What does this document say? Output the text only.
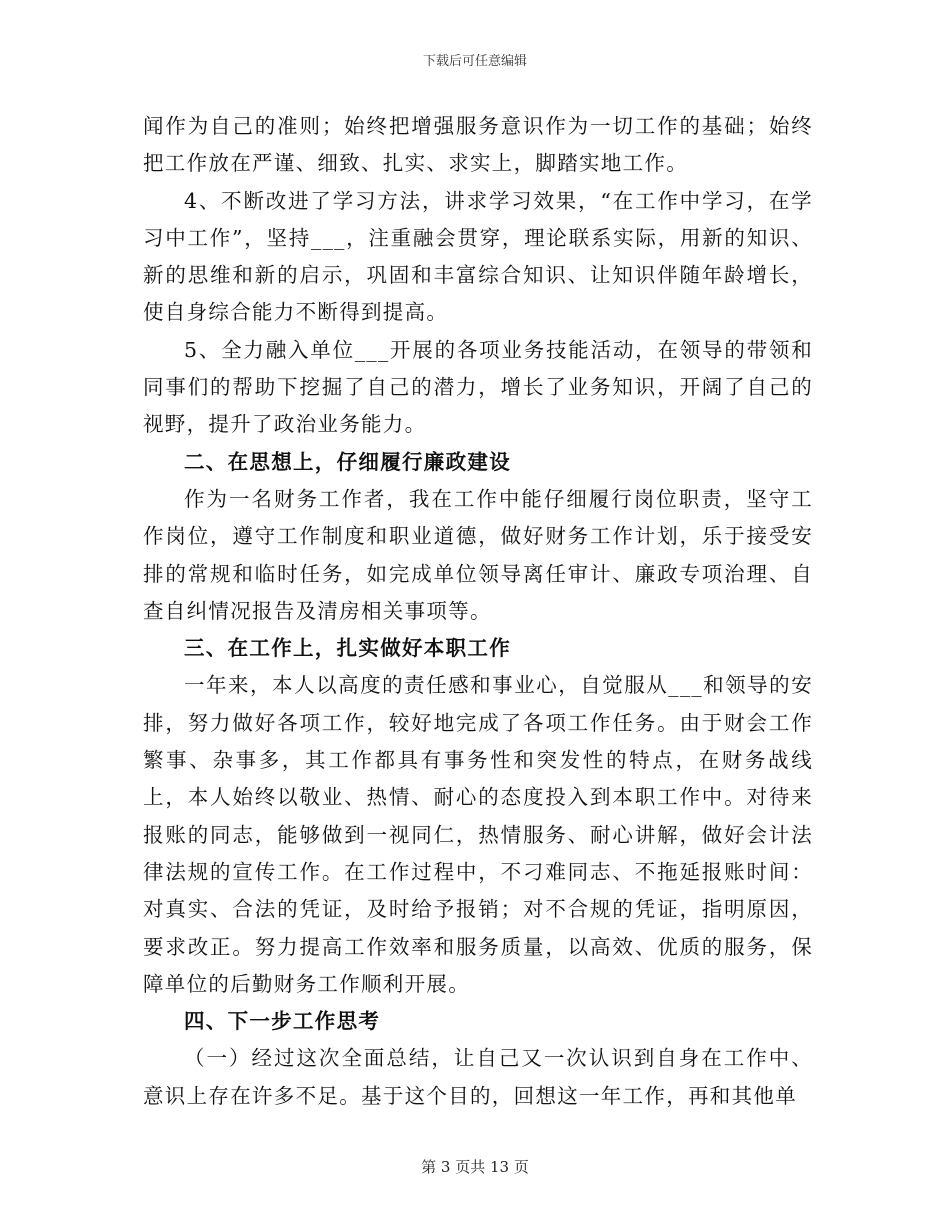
下载后可任意编辑

闻作为自己的准则；始终把增强服务意识作为一切工作的基础；始终把工作放在严谨、细致、扎实、求实上，脚踏实地工作。

4、不断改进了学习方法，讲求学习效果，“在工作中学习，在学习中工作”，坚持___，注重融会贯穿，理论联系实际，用新的知识、新的思维和新的启示，巩固和丰富综合知识、让知识伴随年龄增长，使自身综合能力不断得到提高。

5、全力融入单位___开展的各项业务技能活动，在领导的带领和同事们的帮助下挖掘了自己的潜力，增长了业务知识，开阔了自己的视野，提升了政治业务能力。

二、在思想上，仔细履行廉政建设

作为一名财务工作者，我在工作中能仔细履行岗位职责，坚守工作岗位，遵守工作制度和职业道德，做好财务工作计划，乐于接受安排的常规和临时任务，如完成单位领导离任审计、廉政专项治理、自查自纠情况报告及清房相关事项等。

三、在工作上，扎实做好本职工作

一年来，本人以高度的责任感和事业心，自觉服从___和领导的安排，努力做好各项工作，较好地完成了各项工作任务。由于财会工作繁事、杂事多，其工作都具有事务性和突发性的特点，在财务战线上，本人始终以敬业、热情、耐心的态度投入到本职工作中。对待来报账的同志，能够做到一视同仁，热情服务、耐心讲解，做好会计法律法规的宣传工作。在工作过程中，不刁难同志、不拖延报账时间：对真实、合法的凭证，及时给予报销；对不合规的凭证，指明原因，要求改正。努力提高工作效率和服务质量，以高效、优质的服务，保障单位的后勤财务工作顺利开展。

四、下一步工作思考

（一）经过这次全面总结，让自己又一次认识到自身在工作中、意识上存在许多不足。基于这个目的，回想这一年工作，再和其他单

第 3 页共 13 页
